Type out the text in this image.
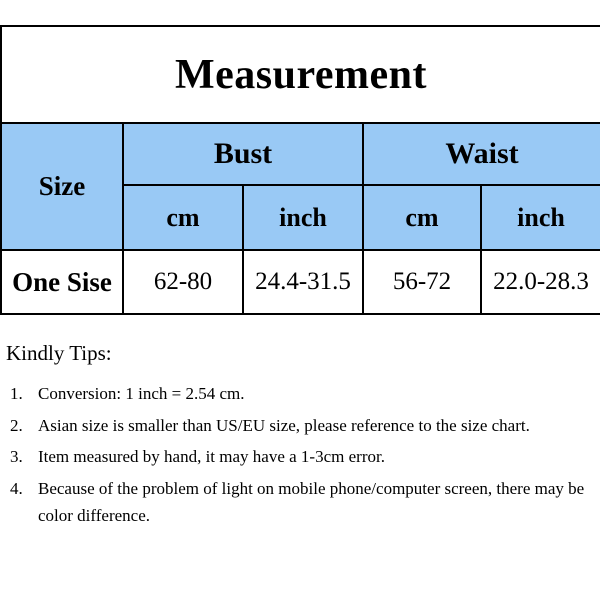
Measurement				
Size	Bust		Waist	
	cm	inch	cm	inch
One Sise	62-80	24.4-31.5	56-72	22.0-28.3
Kindly Tips:
1. Conversion: 1 inch = 2.54 cm.
2. Asian size is smaller than US/EU size, please reference to the size chart.
3. Item measured by hand, it may have a 1-3cm error.
4. Because of the problem of light on mobile phone/computer screen, there may be color difference.
